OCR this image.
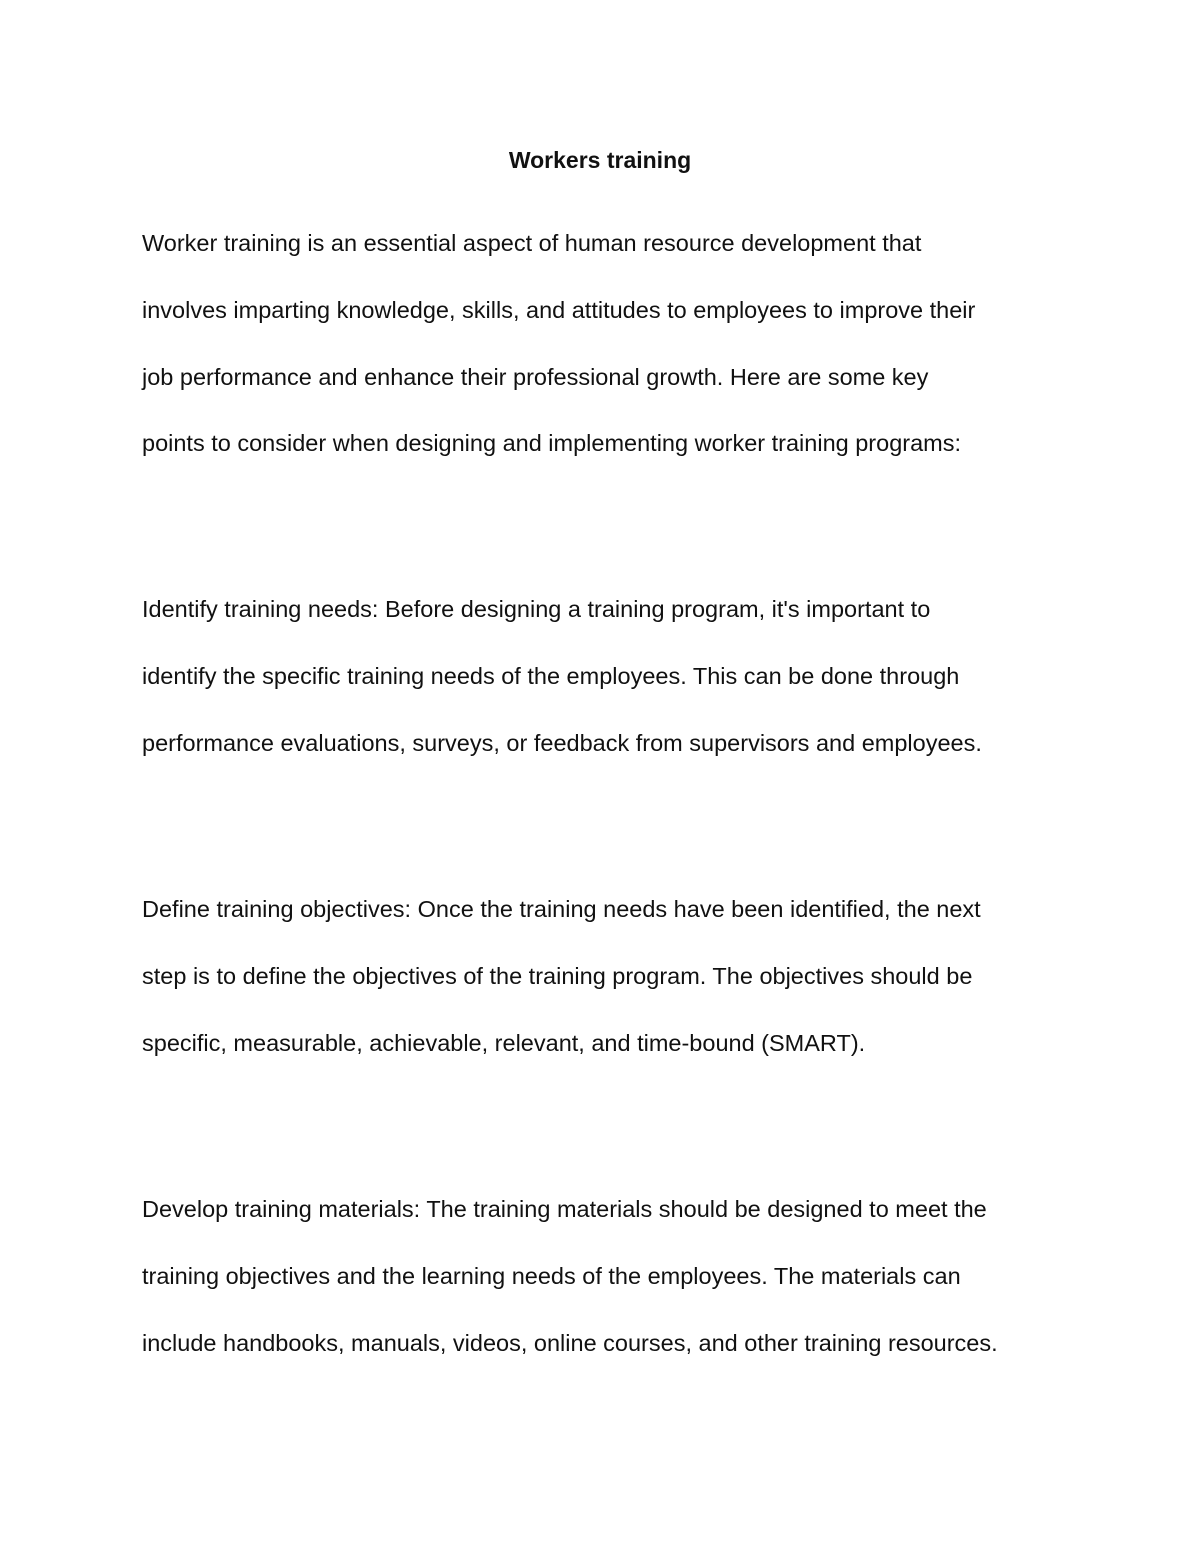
Workers training
Worker training is an essential aspect of human resource development that
involves imparting knowledge, skills, and attitudes to employees to improve their
job performance and enhance their professional growth. Here are some key
points to consider when designing and implementing worker training programs:
Identify training needs: Before designing a training program, it's important to
identify the specific training needs of the employees. This can be done through
performance evaluations, surveys, or feedback from supervisors and employees.
Define training objectives: Once the training needs have been identified, the next
step is to define the objectives of the training program. The objectives should be
specific, measurable, achievable, relevant, and time-bound (SMART).
Develop training materials: The training materials should be designed to meet the
training objectives and the learning needs of the employees. The materials can
include handbooks, manuals, videos, online courses, and other training resources.
